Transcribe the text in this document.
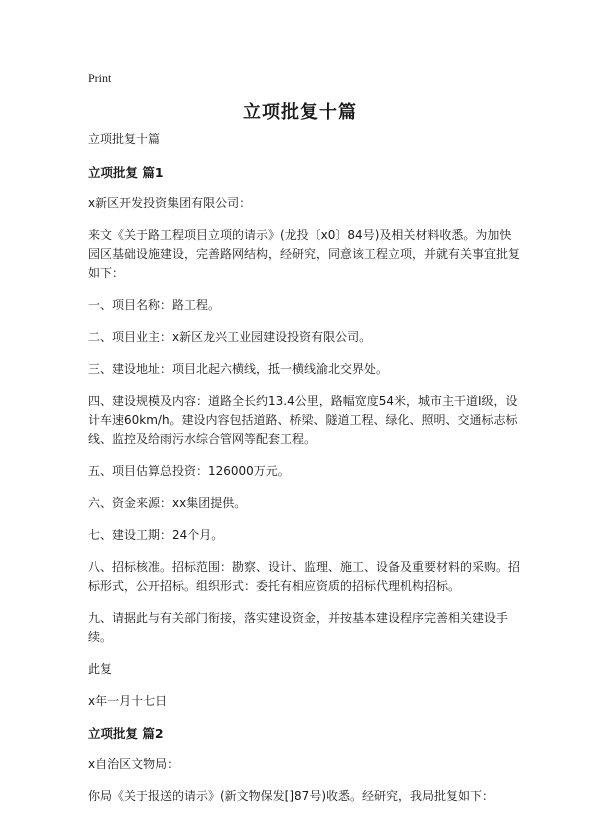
Print
立项批复十篇

立项批复十篇

立项批复 篇1

x新区开发投资集团有限公司：

来文《关于路工程项目立项的请示》(龙投〔x0〕84号)及相关材料收悉。为加快园区基础设施建设，完善路网结构，经研究，同意该工程立项，并就有关事宜批复如下：

一、项目名称：路工程。

二、项目业主：x新区龙兴工业园建设投资有限公司。

三、建设地址：项目北起六横线，抵一横线渝北交界处。

四、建设规模及内容：道路全长约13.4公里，路幅宽度54米，城市主干道I级，设计车速60km/h。建设内容包括道路、桥梁、隧道工程、绿化、照明、交通标志标线、监控及给雨污水综合管网等配套工程。

五、项目估算总投资：126000万元。

六、资金来源：xx集团提供。

七、建设工期：24个月。

八、招标核准。招标范围：勘察、设计、监理、施工、设备及重要材料的采购。招标形式，公开招标。组织形式：委托有相应资质的招标代理机构招标。

九、请据此与有关部门衔接，落实建设资金，并按基本建设程序完善相关建设手续。

此复

x年一月十七日

立项批复 篇2

x自治区文物局：

你局《关于报送的请示》(新文物保发[]87号)收悉。经研究，我局批复如下：
